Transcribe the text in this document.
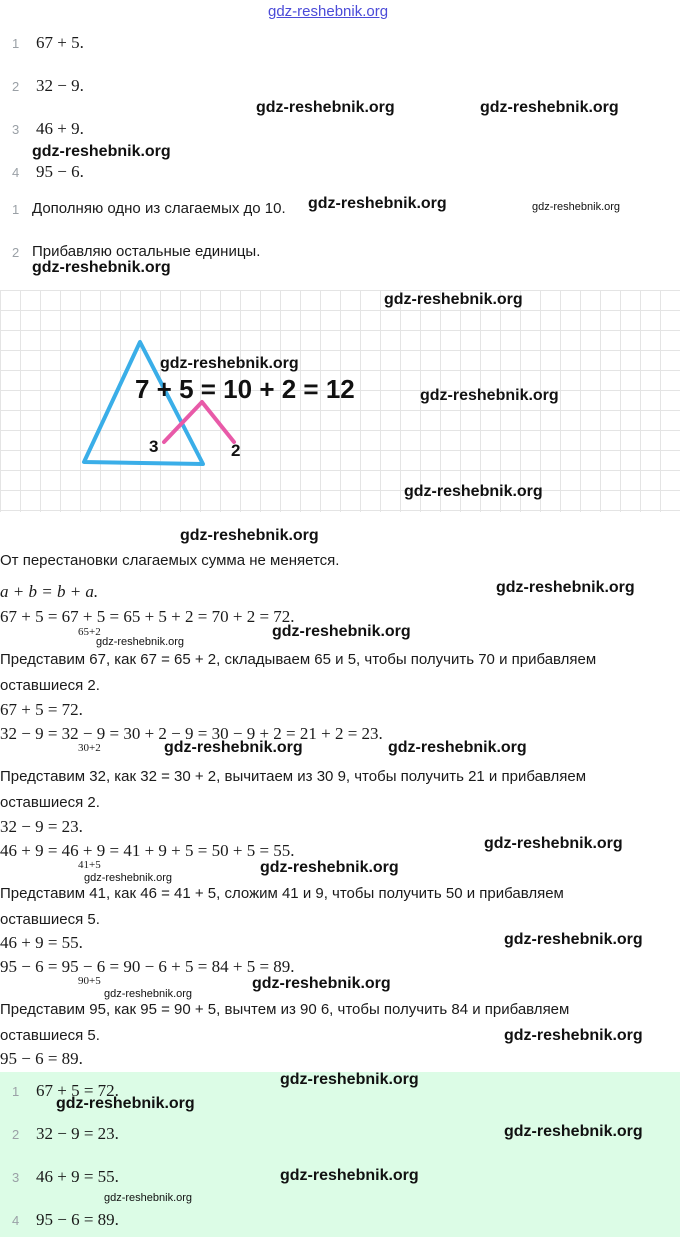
gdz-reshebnik.org
1 67 + 5.
2 32 − 9.
3 46 + 9.
4 95 − 6.
1 Дополняю одно из слагаемых до 10.
2 Прибавляю остальные единицы.
7 + 5 = 10 + 2 = 12
3	2
От перестановки слагаемых сумма не меняется.
a + b = b + a.
67 + 5 = 67 + 5 = 65 + 5 + 2 = 70 + 2 = 72.
65+2
Представим 67, как 67 = 65 + 2, складываем 65 и 5, чтобы получить 70 и прибавляем
оставшиеся 2.
67 + 5 = 72.
32 − 9 = 32 − 9 = 30 + 2 − 9 = 30 − 9 + 2 = 21 + 2 = 23.
30+2
Представим 32, как 32 = 30 + 2, вычитаем из 30 9, чтобы получить 21 и прибавляем
оставшиеся 2.
32 − 9 = 23.
46 + 9 = 46 + 9 = 41 + 9 + 5 = 50 + 5 = 55.
41+5
Представим 41, как 46 = 41 + 5, сложим 41 и 9, чтобы получить 50 и прибавляем
оставшиеся 5.
46 + 9 = 55.
95 − 6 = 95 − 6 = 90 − 6 + 5 = 84 + 5 = 89.
90+5
Представим 95, как 95 = 90 + 5, вычтем из 90 6, чтобы получить 84 и прибавляем
оставшиеся 5.
95 − 6 = 89.
1 67 + 5 = 72.
2 32 − 9 = 23.
3 46 + 9 = 55.
4 95 − 6 = 89.
gdz-reshebnik.org	gdz-reshebnik.org
gdz-reshebnik.org
gdz-reshebnik.org	gdz-reshebnik.org
gdz-reshebnik.org
gdz-reshebnik.org
gdz-reshebnik.org
gdz-reshebnik.org
gdz-reshebnik.org
gdz-reshebnik.org
gdz-reshebnik.org
gdz-reshebnik.org
gdz-reshebnik.org
gdz-reshebnik.org	gdz-reshebnik.org
gdz-reshebnik.org
gdz-reshebnik.org
gdz-reshebnik.org
gdz-reshebnik.org
gdz-reshebnik.org
gdz-reshebnik.org
gdz-reshebnik.org
gdz-reshebnik.org
gdz-reshebnik.org
gdz-reshebnik.org
gdz-reshebnik.org
gdz-reshebnik.org
